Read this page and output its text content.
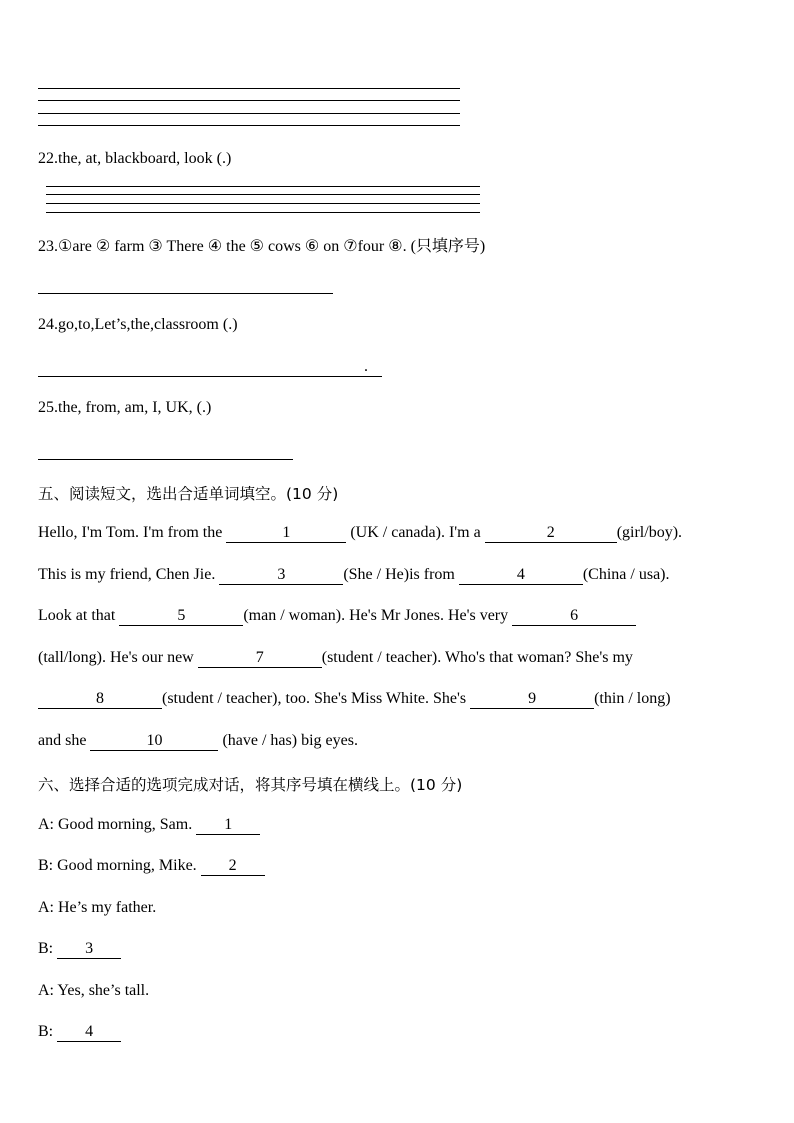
22.the, at, blackboard, look (.)
23.①are ② farm ③ There ④ the ⑤ cows ⑥ on ⑦four ⑧. (只填序号)
24.go,to,Let’s,the,classroom (.)
.
25.the, from, am, I, UK, (.)
五、阅读短文，选出合适单词填空。(10 分)
Hello, I'm Tom. I'm from the	1	(UK / canada). I'm a	2	(girl/boy).
This is my friend, Chen Jie.	3	(She / He)is from	4	(China / usa).
Look at that	5	(man / woman). He's Mr Jones. He's very	6
(tall/long). He's our new	7	(student / teacher). Who's that woman? She's my
8	(student / teacher), too. She's Miss White. She's	9	(thin / long)
and she	10	(have / has) big eyes.
六、选择合适的选项完成对话，将其序号填在横线上。(10 分)
A: Good morning, Sam. 1
B: Good morning, Mike. 2
A: He’s my father.
B: 3
A: Yes, she’s tall.
B: 4
